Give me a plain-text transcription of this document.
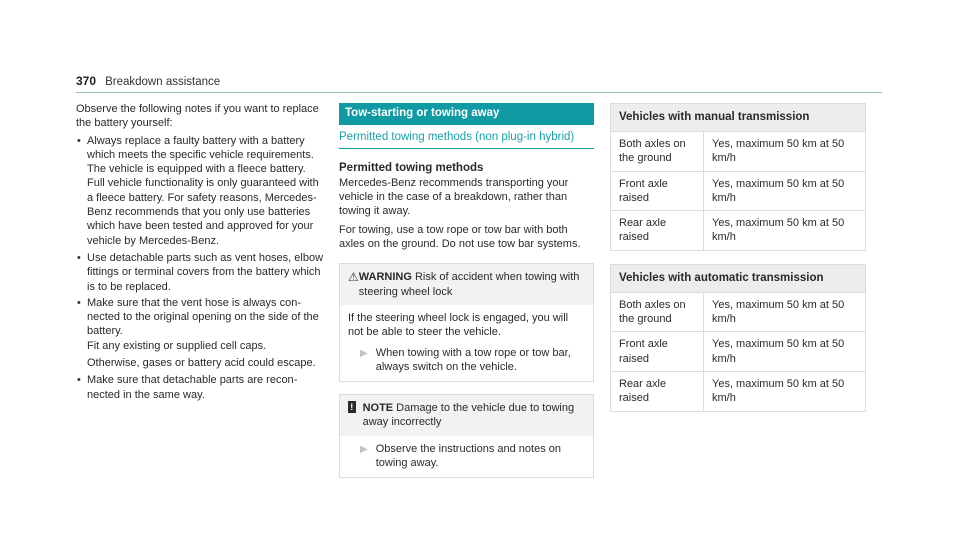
370 Breakdown assistance

Observe the following notes if you want to replace the battery yourself:

• Always replace a faulty battery with a battery which meets the specific vehicle requirements.

The vehicle is equipped with a fleece battery. Full vehicle functionality is only guaranteed with a fleece battery. For safety reasons, Mercedes-Benz recommends that you only use batteries which have been tested and approved for your vehicle by Mercedes-Benz.

• Use detachable parts such as vent hoses, elbow fittings or terminal covers from the battery which is to be replaced.
• Make sure that the vent hose is always connected to the original opening on the side of the battery.

Fit any existing or supplied cell caps.

Otherwise, gases or battery acid could escape.

• Make sure that detachable parts are reconnected in the same way.
Tow-starting or towing away
Permitted towing methods (non plug-in hybrid)
Permitted towing methods

Mercedes-Benz recommends transporting your vehicle in the case of a breakdown, rather than towing it away.

For towing, use a tow rope or tow bar with both axles on the ground. Do not use tow bar systems.

⚠ WARNING Risk of accident when towing with steering wheel lock
If the steering wheel lock is engaged, you will not be able to steer the vehicle.
▶ When towing with a tow rope or tow bar, always switch on the vehicle.
! NOTE Damage to the vehicle due to towing away incorrectly
▶ Observe the instructions and notes on towing away.
Vehicles with manual transmission	
Both axles on the ground	Yes, maximum 50 km at 50 km/h
Front axle raised	Yes, maximum 50 km at 50 km/h
Rear axle raised	Yes, maximum 50 km at 50 km/h
Vehicles with automatic transmission	
Both axles on the ground	Yes, maximum 50 km at 50 km/h
Front axle raised	Yes, maximum 50 km at 50 km/h
Rear axle raised	Yes, maximum 50 km at 50 km/h
